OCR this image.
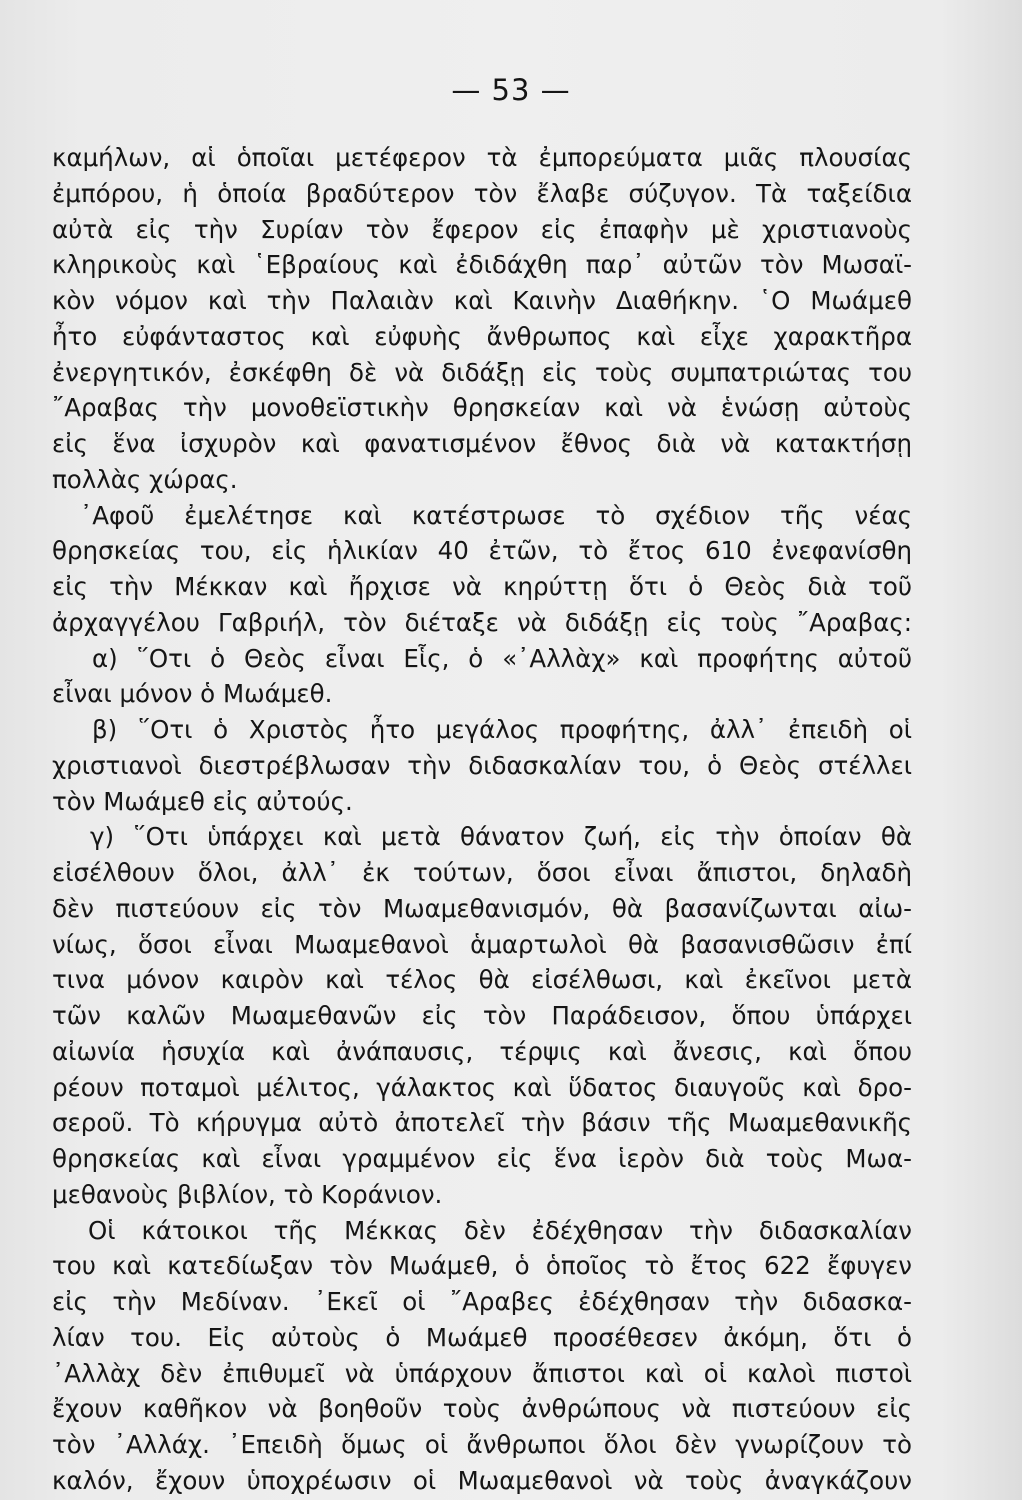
— 53 —
καμήλων, αἱ ὁποῖαι μετέφερον τὰ ἐμπορεύματα μιᾶς πλουσίας
ἐμπόρου, ἡ ὁποία βραδύτερον τὸν ἔλαβε σύζυγον. Τὰ ταξείδια
αὐτὰ εἰς τὴν Συρίαν τὸν ἔφερον εἰς ἐπαφὴν μὲ χριστιανοὺς
κληρικοὺς καὶ ῾Εβραίους καὶ ἐδιδάχθη παρ᾽ αὐτῶν τὸν Μωσαϊ-
κὸν νόμον καὶ τὴν Παλαιὰν καὶ Καινὴν Διαθήκην. ῾Ο Μωάμεθ
ἦτο εὐφάνταστος καὶ εὐφυὴς ἄνθρωπος καὶ εἶχε χαρακτῆρα
ἐνεργητικόν, ἐσκέφθη δὲ νὰ διδάξῃ εἰς τοὺς συμπατριώτας του
῎Αραβας τὴν μονοθεϊστικὴν θρησκείαν καὶ νὰ ἑνώσῃ αὐτοὺς
εἰς ἕνα ἰσχυρὸν καὶ φανατισμένον ἔθνος διὰ νὰ κατακτήσῃ
πολλὰς χώρας.
᾽Αφοῦ ἐμελέτησε καὶ κατέστρωσε τὸ σχέδιον τῆς νέας
θρησκείας του, εἰς ἡλικίαν 40 ἐτῶν, τὸ ἔτος 610 ἐνεφανίσθη
εἰς τὴν Μέκκαν καὶ ἤρχισε νὰ κηρύττῃ ὅτι ὁ Θεὸς διὰ τοῦ
ἀρχαγγέλου Γαβριήλ, τὸν διέταξε νὰ διδάξῃ εἰς τοὺς ῎Αραβας:
α) ῞Οτι ὁ Θεὸς εἶναι Εἷς, ὁ «᾽Αλλὰχ» καὶ προφήτης αὐτοῦ
εἶναι μόνον ὁ Μωάμεθ.
β) ῞Οτι ὁ Χριστὸς ἦτο μεγάλος προφήτης, ἀλλ᾽ ἐπειδὴ οἱ
χριστιανοὶ διεστρέβλωσαν τὴν διδασκαλίαν του, ὁ Θεὸς στέλλει
τὸν Μωάμεθ εἰς αὐτούς.
γ) ῞Οτι ὑπάρχει καὶ μετὰ θάνατον ζωή, εἰς τὴν ὁποίαν θὰ
εἰσέλθουν ὅλοι, ἀλλ᾽ ἐκ τούτων, ὅσοι εἶναι ἄπιστοι, δηλαδὴ
δὲν πιστεύουν εἰς τὸν Μωαμεθανισμόν, θὰ βασανίζωνται αἰω-
νίως, ὅσοι εἶναι Μωαμεθανοὶ ἁμαρτωλοὶ θὰ βασανισθῶσιν ἐπί
τινα μόνον καιρὸν καὶ τέλος θὰ εἰσέλθωσι, καὶ ἐκεῖνοι μετὰ
τῶν καλῶν Μωαμεθανῶν εἰς τὸν Παράδεισον, ὅπου ὑπάρχει
αἰωνία ἡσυχία καὶ ἀνάπαυσις, τέρψις καὶ ἄνεσις, καὶ ὅπου
ρέουν ποταμοὶ μέλιτος, γάλακτος καὶ ὕδατος διαυγοῦς καὶ δρο-
σεροῦ. Τὸ κήρυγμα αὐτὸ ἀποτελεῖ τὴν βάσιν τῆς Μωαμεθανικῆς
θρησκείας καὶ εἶναι γραμμένον εἰς ἕνα ἱερὸν διὰ τοὺς Μωα-
μεθανοὺς βιβλίον, τὸ Κοράνιον.
Οἱ κάτοικοι τῆς Μέκκας δὲν ἐδέχθησαν τὴν διδασκαλίαν
του καὶ κατεδίωξαν τὸν Μωάμεθ, ὁ ὁποῖος τὸ ἔτος 622 ἔφυγεν
εἰς τὴν Μεδίναν. ᾽Εκεῖ οἱ ῎Αραβες ἐδέχθησαν τὴν διδασκα-
λίαν του. Εἰς αὐτοὺς ὁ Μωάμεθ προσέθεσεν ἀκόμη, ὅτι ὁ
᾽Αλλὰχ δὲν ἐπιθυμεῖ νὰ ὑπάρχουν ἄπιστοι καὶ οἱ καλοὶ πιστοὶ
ἔχουν καθῆκον νὰ βοηθοῦν τοὺς ἀνθρώπους νὰ πιστεύουν εἰς
τὸν ᾽Αλλάχ. ᾽Επειδὴ ὅμως οἱ ἄνθρωποι ὅλοι δὲν γνωρίζουν τὸ
καλόν, ἔχουν ὑποχρέωσιν οἱ Μωαμεθανοὶ νὰ τοὺς ἀναγκάζουν
